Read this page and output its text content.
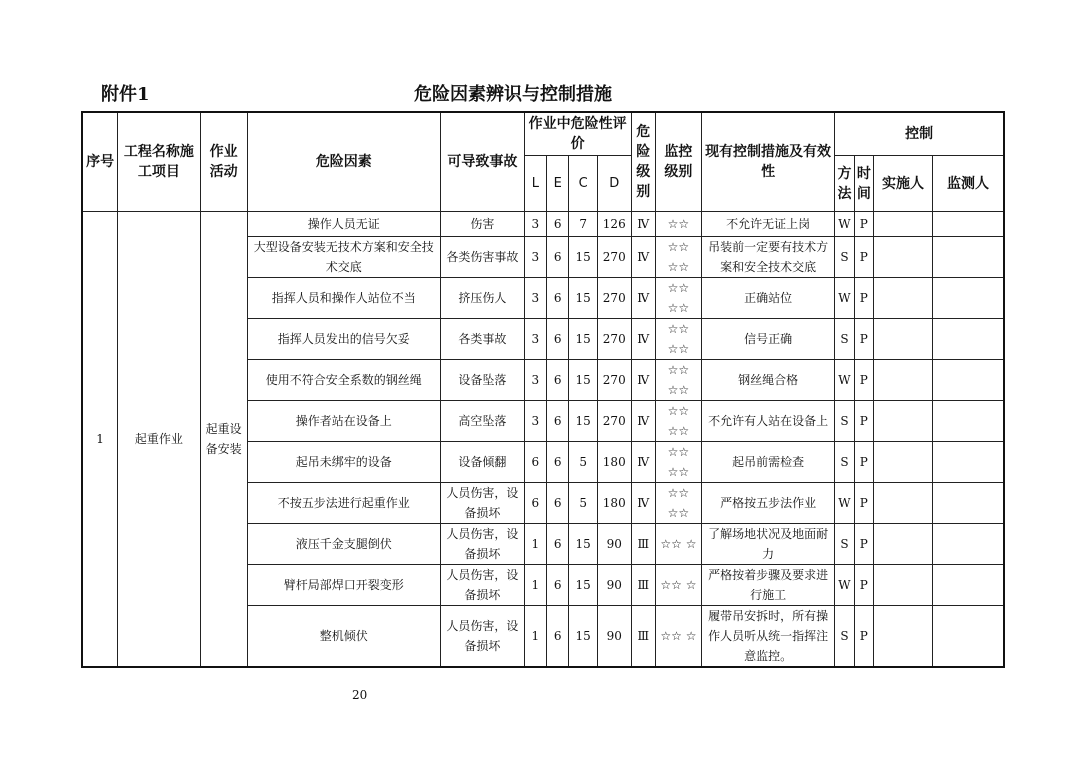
附件1	危险因素辨识与控制措施
序号	工程名称施工项目	作业活动	危险因素	可导致事故	作业中危险性评价				危险级别	监控级别	现有控制措施及有效性	控制			
					L	E	C	D				方法	时间	实施人	监测人
1	起重作业	起重设备安装	操作人员无证	伤害	3	6	7	126	Ⅳ	☆☆	不允许无证上岗	W	P		
			大型设备安装无技术方案和安全技术交底	各类伤害事故	3	6	15	270	Ⅳ	☆☆ ☆☆	吊装前一定要有技术方案和安全技术交底	S	P		
			指挥人员和操作人站位不当	挤压伤人	3	6	15	270	Ⅳ	☆☆ ☆☆	正确站位	W	P		
			指挥人员发出的信号欠妥	各类事故	3	6	15	270	Ⅳ	☆☆ ☆☆	信号正确	S	P		
			使用不符合安全系数的钢丝绳	设备坠落	3	6	15	270	Ⅳ	☆☆ ☆☆	钢丝绳合格	W	P		
			操作者站在设备上	高空坠落	3	6	15	270	Ⅳ	☆☆ ☆☆	不允许有人站在设备上	S	P		
			起吊未绑牢的设备	设备倾翻	6	6	5	180	Ⅳ	☆☆ ☆☆	起吊前需检查	S	P		
			不按五步法进行起重作业	人员伤害，设备损坏	6	6	5	180	Ⅳ	☆☆ ☆☆	严格按五步法作业	W	P		
			液压千金支腿倒伏	人员伤害，设备损坏	1	6	15	90	Ⅲ	☆☆ ☆	了解场地状况及地面耐力	S	P		
			臂杆局部焊口开裂变形	人员伤害，设备损坏	1	6	15	90	Ⅲ	☆☆ ☆	严格按着步骤及要求进行施工	W	P		
			整机倾伏	人员伤害，设备损坏	1	6	15	90	Ⅲ	☆☆ ☆	履带吊安拆时，所有操作人员听从统一指挥注意监控。	S	P		
20
